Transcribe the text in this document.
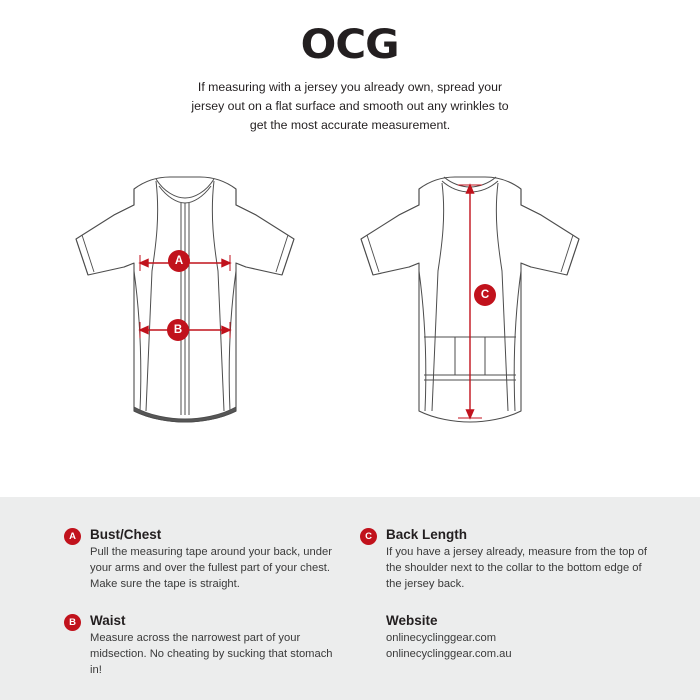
OCG
If measuring with a jersey you already own, spread your jersey out on a flat surface and smooth out any wrinkles to get the most accurate measurement.
A
B
C
A	Bust/Chest

Pull the measuring tape around your back, under your arms and over the fullest part of your chest. Make sure the tape is straight.

B	Waist

Measure across the narrowest part of your midsection. No cheating by sucking that stomach in!

C	Back Length

If you have a jersey already, measure from the top of the shoulder next to the collar to the bottom edge of the jersey back.

Website
onlinecyclinggear.com
onlinecyclinggear.com.au
